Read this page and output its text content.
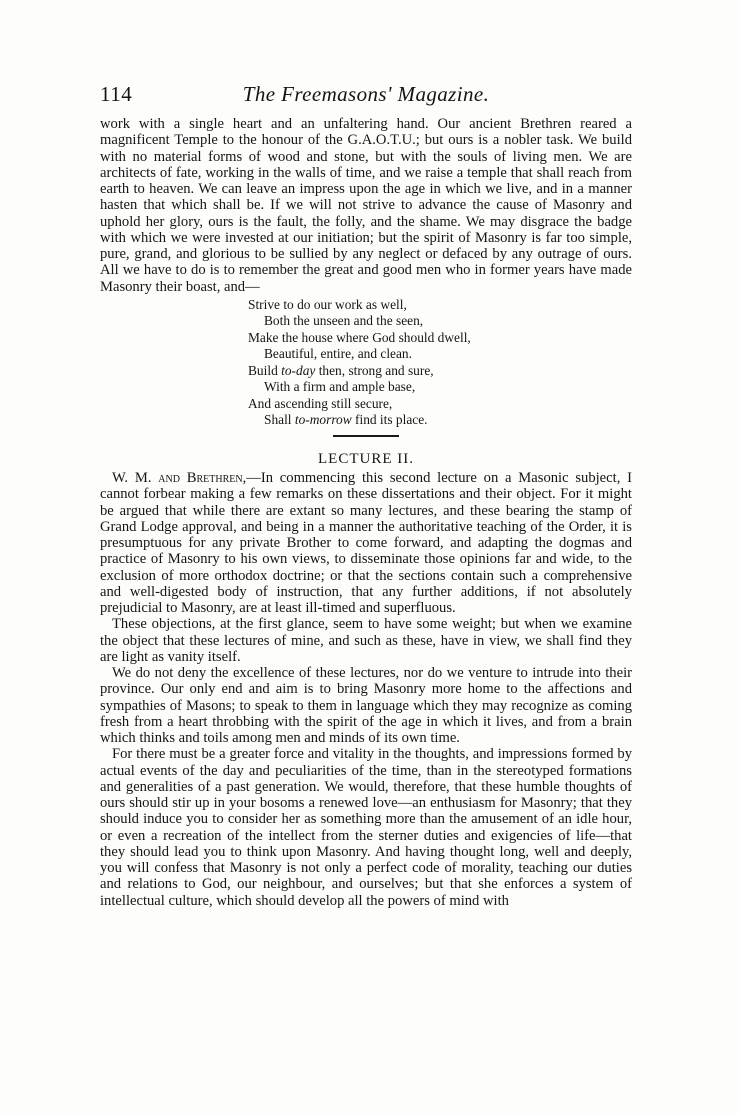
114	The Freemasons' Magazine.

work with a single heart and an unfaltering hand. Our ancient Brethren reared a magnificent Temple to the honour of the G.A.O.T.U.; but ours is a nobler task. We build with no material forms of wood and stone, but with the souls of living men. We are architects of fate, working in the walls of time, and we raise a temple that shall reach from earth to heaven. We can leave an impress upon the age in which we live, and in a manner hasten that which shall be. If we will not strive to advance the cause of Masonry and uphold her glory, ours is the fault, the folly, and the shame. We may disgrace the badge with which we were invested at our initiation; but the spirit of Masonry is far too simple, pure, grand, and glorious to be sullied by any neglect or defaced by any outrage of ours. All we have to do is to remember the great and good men who in former years have made Masonry their boast, and—

Strive to do our work as well,
Both the unseen and the seen,
Make the house where God should dwell,
Beautiful, entire, and clean.
Build to-day then, strong and sure,
With a firm and ample base,
And ascending still secure,
Shall to-morrow find its place.
LECTURE II.

W. M. and Brethren,—In commencing this second lecture on a Masonic subject, I cannot forbear making a few remarks on these dissertations and their object. For it might be argued that while there are extant so many lectures, and these bearing the stamp of Grand Lodge approval, and being in a manner the authoritative teaching of the Order, it is presumptuous for any private Brother to come forward, and adapting the dogmas and practice of Masonry to his own views, to disseminate those opinions far and wide, to the exclusion of more orthodox doctrine; or that the sections contain such a comprehensive and well-digested body of instruction, that any further additions, if not absolutely prejudicial to Masonry, are at least ill-timed and superfluous.

These objections, at the first glance, seem to have some weight; but when we examine the object that these lectures of mine, and such as these, have in view, we shall find they are light as vanity itself.

We do not deny the excellence of these lectures, nor do we venture to intrude into their province. Our only end and aim is to bring Masonry more home to the affections and sympathies of Masons; to speak to them in language which they may recognize as coming fresh from a heart throbbing with the spirit of the age in which it lives, and from a brain which thinks and toils among men and minds of its own time.

For there must be a greater force and vitality in the thoughts, and impressions formed by actual events of the day and peculiarities of the time, than in the stereotyped formations and generalities of a past generation. We would, therefore, that these humble thoughts of ours should stir up in your bosoms a renewed love—an enthusiasm for Masonry; that they should induce you to consider her as something more than the amusement of an idle hour, or even a recreation of the intellect from the sterner duties and exigencies of life—that they should lead you to think upon Masonry. And having thought long, well and deeply, you will confess that Masonry is not only a perfect code of morality, teaching our duties and relations to God, our neighbour, and ourselves; but that she enforces a system of intellectual culture, which should develop all the powers of mind with
